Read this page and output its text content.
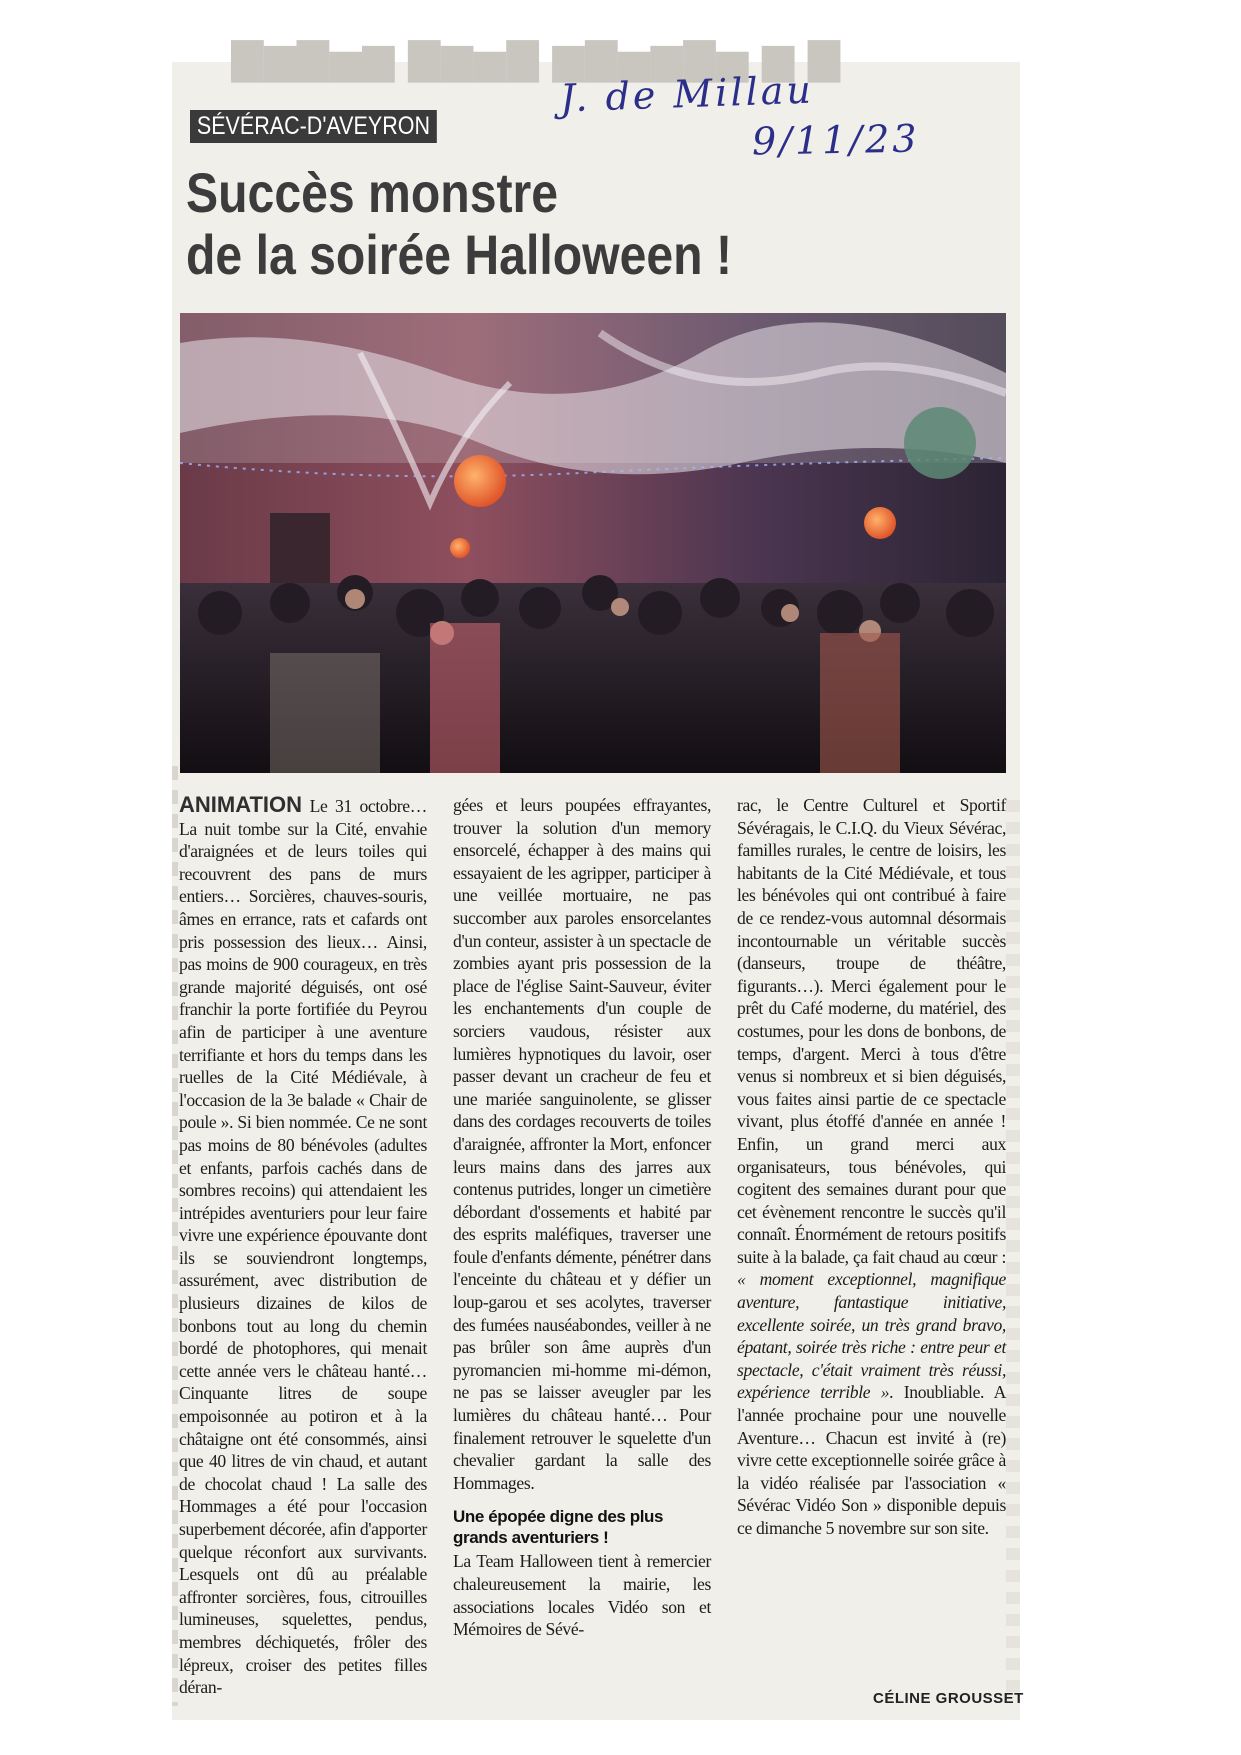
▇▆▇▅▆ ▇▆▅▇ ▆▇▅▆▇▅ ▆ ▇
J. de Millau
9/11/23
SÉVÉRAC-D'AVEYRON
Succès monstre
de la soirée Halloween !

ANIMATION Le 31 octobre… La nuit tombe sur la Cité, envahie d'araignées et de leurs toiles qui recouvrent des pans de murs entiers… Sorcières, chauves-souris, âmes en errance, rats et cafards ont pris possession des lieux… Ainsi, pas moins de 900 courageux, en très grande majorité déguisés, ont osé franchir la porte fortifiée du Peyrou afin de participer à une aventure terrifiante et hors du temps dans les ruelles de la Cité Médiévale, à l'occasion de la 3e balade « Chair de poule ». Si bien nommée. Ce ne sont pas moins de 80 bénévoles (adultes et enfants, parfois cachés dans de sombres recoins) qui attendaient les intrépides aventuriers pour leur faire vivre une expérience épouvante dont ils se souviendront longtemps, assurément, avec distribution de plusieurs dizaines de kilos de bonbons tout au long du chemin bordé de photophores, qui menait cette année vers le château hanté… Cinquante litres de soupe empoisonnée au potiron et à la châtaigne ont été consommés, ainsi que 40 litres de vin chaud, et autant de chocolat chaud ! La salle des Hommages a été pour l'occasion superbement décorée, afin d'apporter quelque réconfort aux survivants. Lesquels ont dû au préalable affronter sorcières, fous, citrouilles lumineuses, squelettes, pendus, membres déchiquetés, frôler des lépreux, croiser des petites filles déran-

gées et leurs poupées effrayantes, trouver la solution d'un memory ensorcelé, échapper à des mains qui essayaient de les agripper, participer à une veillée mortuaire, ne pas succomber aux paroles ensorcelantes d'un conteur, assister à un spectacle de zombies ayant pris possession de la place de l'église Saint-Sauveur, éviter les enchantements d'un couple de sorciers vaudous, résister aux lumières hypnotiques du lavoir, oser passer devant un cracheur de feu et une mariée sanguinolente, se glisser dans des cordages recouverts de toiles d'araignée, affronter la Mort, enfoncer leurs mains dans des jarres aux contenus putrides, longer un cimetière débordant d'ossements et habité par des esprits maléfiques, traverser une foule d'enfants démente, pénétrer dans l'enceinte du château et y défier un loup-garou et ses acolytes, traverser des fumées nauséabondes, veiller à ne pas brûler son âme auprès d'un pyromancien mi-homme mi-démon, ne pas se laisser aveugler par les lumières du château hanté… Pour finalement retrouver le squelette d'un chevalier gardant la salle des Hommages.

Une épopée digne des plus grands aventuriers !

La Team Halloween tient à remercier chaleureusement la mairie, les associations locales Vidéo son et Mémoires de Sévé-

rac, le Centre Culturel et Sportif Sévéragais, le C.I.Q. du Vieux Sévérac, familles rurales, le centre de loisirs, les habitants de la Cité Médiévale, et tous les bénévoles qui ont contribué à faire de ce rendez-vous automnal désormais incontournable un véritable succès (danseurs, troupe de théâtre, figurants…). Merci également pour le prêt du Café moderne, du matériel, des costumes, pour les dons de bonbons, de temps, d'argent. Merci à tous d'être venus si nombreux et si bien déguisés, vous faites ainsi partie de ce spectacle vivant, plus étoffé d'année en année ! Enfin, un grand merci aux organisateurs, tous bénévoles, qui cogitent des semaines durant pour que cet évènement rencontre le succès qu'il connaît. Énormément de retours positifs suite à la balade, ça fait chaud au cœur : « moment exceptionnel, magnifique aventure, fantastique initiative, excellente soirée, un très grand bravo, épatant, soirée très riche : entre peur et spectacle, c'était vraiment très réussi, expérience terrible ». Inoubliable. A l'année prochaine pour une nouvelle Aventure… Chacun est invité à (re) vivre cette exceptionnelle soirée grâce à la vidéo réalisée par l'association « Sévérac Vidéo Son » disponible depuis ce dimanche 5 novembre sur son site.

CÉLINE GROUSSET
